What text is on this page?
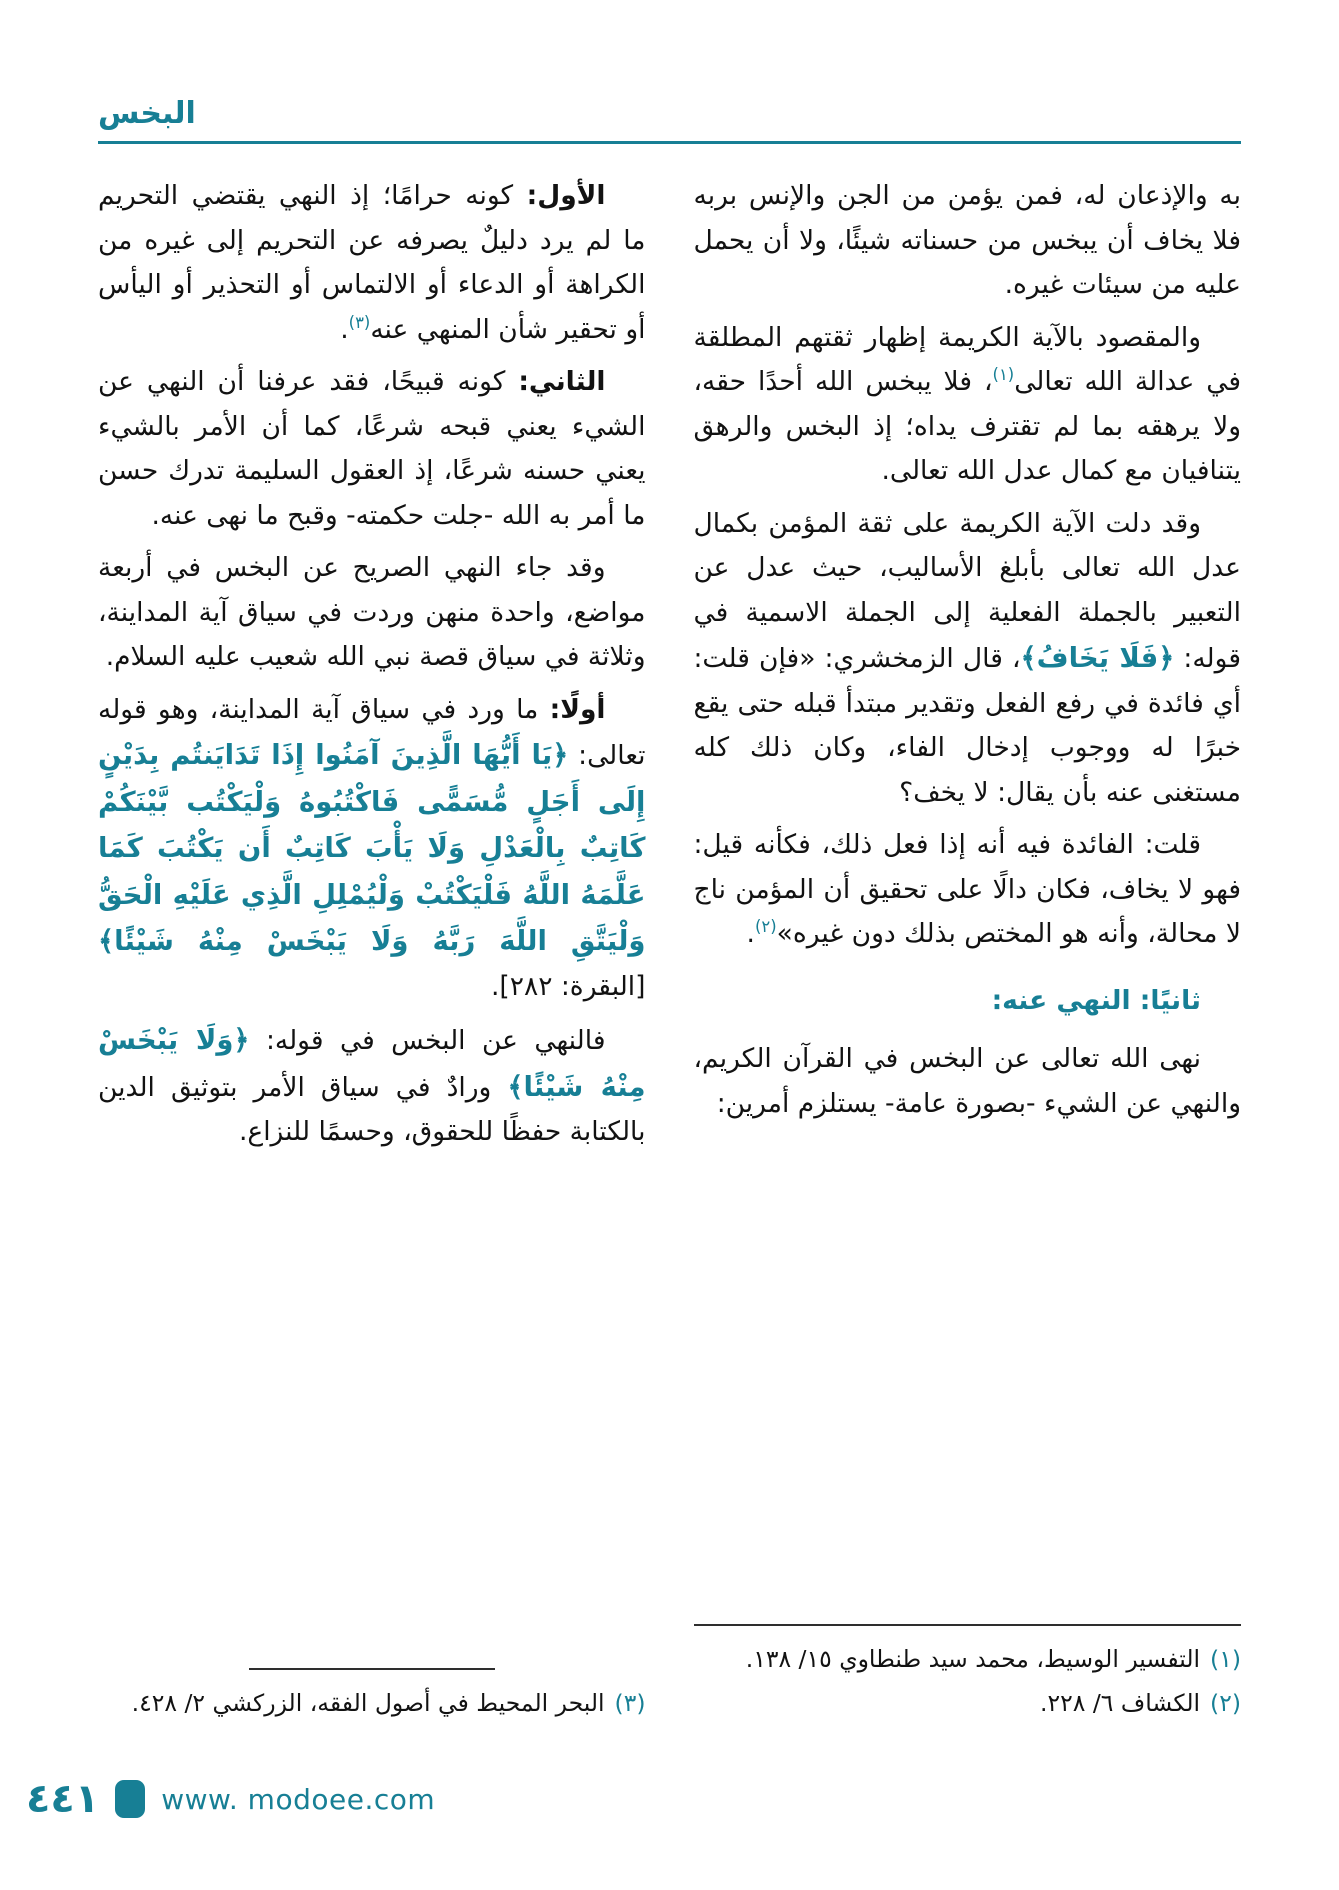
البخس

به والإذعان له، فمن يؤمن من الجن والإنس بربه فلا يخاف أن يبخس من حسناته شيئًا، ولا أن يحمل عليه من سيئات غيره.

والمقصود بالآية الكريمة إظهار ثقتهم المطلقة في عدالة الله تعالى$^{(١)}$، فلا يبخس الله أحدًا حقه، ولا يرهقه بما لم تقترف يداه؛ إذ البخس والرهق يتنافيان مع كمال عدل الله تعالى.

وقد دلت الآية الكريمة على ثقة المؤمن بكمال عدل الله تعالى بأبلغ الأساليب، حيث عدل عن التعبير بالجملة الفعلية إلى الجملة الاسمية في قوله: ﴿فَلَا يَخَافُ﴾، قال الزمخشري: «فإن قلت: أي فائدة في رفع الفعل وتقدير مبتدأ قبله حتى يقع خبرًا له ووجوب إدخال الفاء، وكان ذلك كله مستغنى عنه بأن يقال: لا يخف؟

قلت: الفائدة فيه أنه إذا فعل ذلك، فكأنه قيل: فهو لا يخاف، فكان دالًا على تحقيق أن المؤمن ناج لا محالة، وأنه هو المختص بذلك دون غيره»$^{(٢)}$.

ثانيًا: النهي عنه:

نهى الله تعالى عن البخس في القرآن الكريم، والنهي عن الشيء -بصورة عامة- يستلزم أمرين:

(١)
التفسير الوسيط، محمد سيد طنطاوي ١٥/ ١٣٨.
(٢)
الكشاف ٦/ ٢٢٨.

الأول: كونه حرامًا؛ إذ النهي يقتضي التحريم ما لم يرد دليلٌ يصرفه عن التحريم إلى غيره من الكراهة أو الدعاء أو الالتماس أو التحذير أو اليأس أو تحقير شأن المنهي عنه$^{(٣)}$.

الثاني: كونه قبيحًا، فقد عرفنا أن النهي عن الشيء يعني قبحه شرعًا، كما أن الأمر بالشيء يعني حسنه شرعًا، إذ العقول السليمة تدرك حسن ما أمر به الله -جلت حكمته- وقبح ما نهى عنه.

وقد جاء النهي الصريح عن البخس في أربعة مواضع، واحدة منهن وردت في سياق آية المداينة، وثلاثة في سياق قصة نبي الله شعيب عليه السلام.

أولًا: ما ورد في سياق آية المداينة، وهو قوله تعالى: ﴿يَا أَيُّهَا الَّذِينَ آمَنُوا إِذَا تَدَايَنتُم بِدَيْنٍ إِلَى أَجَلٍ مُّسَمًّى فَاكْتُبُوهُ وَلْيَكْتُب بَّيْنَكُمْ كَاتِبٌ بِالْعَدْلِ وَلَا يَأْبَ كَاتِبٌ أَن يَكْتُبَ كَمَا عَلَّمَهُ اللَّهُ فَلْيَكْتُبْ وَلْيُمْلِلِ الَّذِي عَلَيْهِ الْحَقُّ وَلْيَتَّقِ اللَّهَ رَبَّهُ وَلَا يَبْخَسْ مِنْهُ شَيْئًا﴾ [البقرة: ٢٨٢].

فالنهي عن البخس في قوله: ﴿وَلَا يَبْخَسْ مِنْهُ شَيْئًا﴾ ورادٌ في سياق الأمر بتوثيق الدين بالكتابة حفظًا للحقوق، وحسمًا للنزاع.

(٣)
البحر المحيط في أصول الفقه، الزركشي ٢/ ٤٢٨.
٤٤١ www. modoee.com
